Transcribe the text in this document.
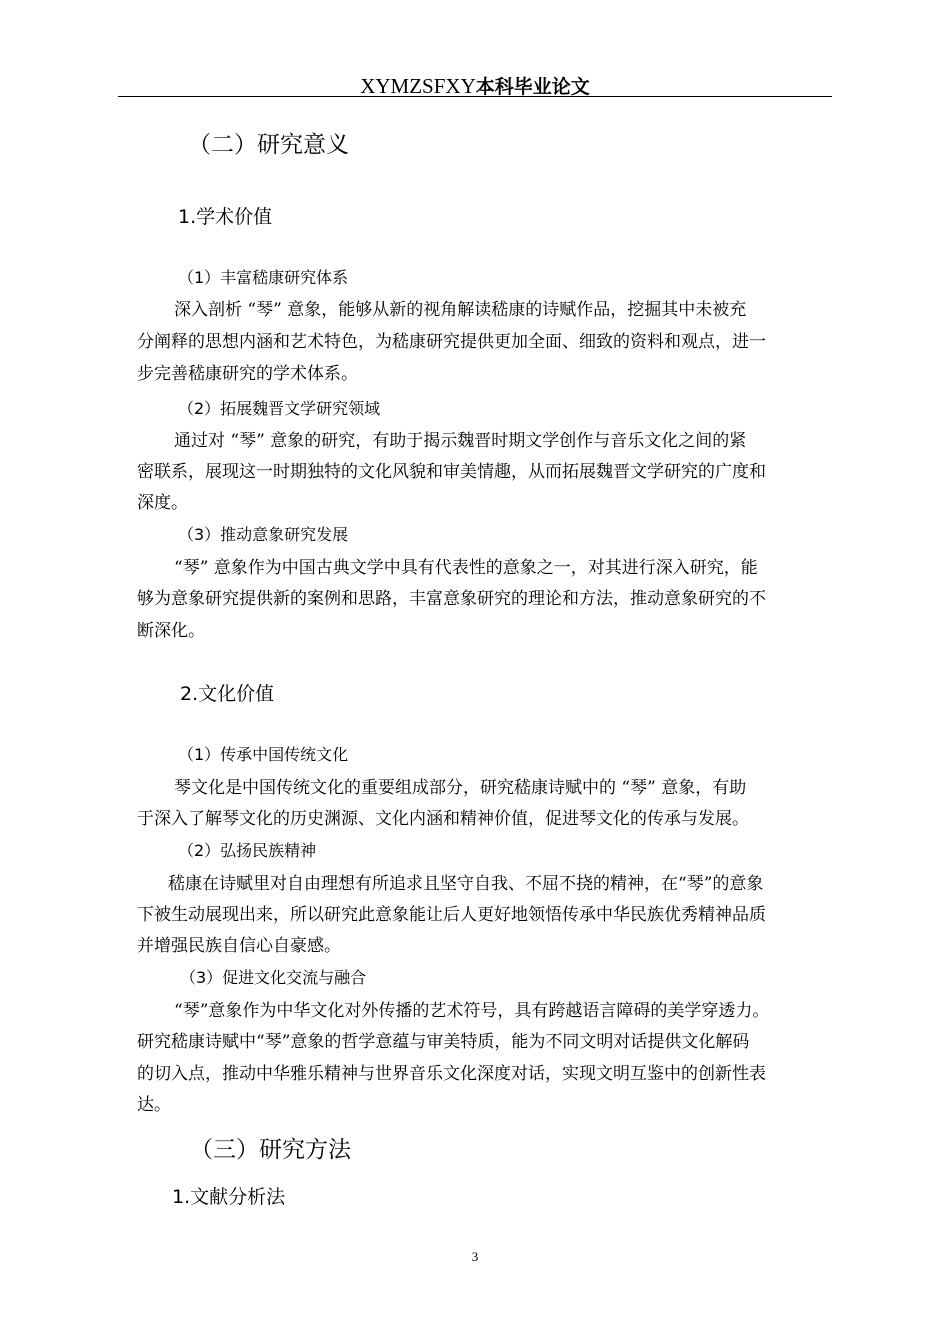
XYMZSFXY本科毕业论文
（二）研究意义
1.学术价值
（1）丰富嵇康研究体系
深入剖析 “琴” 意象，能够从新的视角解读嵇康的诗赋作品，挖掘其中未被充
分阐释的思想内涵和艺术特色，为嵇康研究提供更加全面、细致的资料和观点，进一
步完善嵇康研究的学术体系。
（2）拓展魏晋文学研究领域
通过对 “琴” 意象的研究，有助于揭示魏晋时期文学创作与音乐文化之间的紧
密联系，展现这一时期独特的文化风貌和审美情趣，从而拓展魏晋文学研究的广度和
深度。
（3）推动意象研究发展
“琴” 意象作为中国古典文学中具有代表性的意象之一，对其进行深入研究，能
够为意象研究提供新的案例和思路，丰富意象研究的理论和方法，推动意象研究的不
断深化。
2.文化价值
（1）传承中国传统文化
琴文化是中国传统文化的重要组成部分，研究嵇康诗赋中的 “琴” 意象，有助
于深入了解琴文化的历史渊源、文化内涵和精神价值，促进琴文化的传承与发展。
（2）弘扬民族精神
嵇康在诗赋里对自由理想有所追求且坚守自我、不屈不挠的精神，在“琴”的意象
下被生动展现出来，所以研究此意象能让后人更好地领悟传承中华民族优秀精神品质
并增强民族自信心自豪感。
（3）促进文化交流与融合
“琴”意象作为中华文化对外传播的艺术符号，具有跨越语言障碍的美学穿透力。
研究嵇康诗赋中“琴”意象的哲学意蕴与审美特质，能为不同文明对话提供文化解码
的切入点，推动中华雅乐精神与世界音乐文化深度对话，实现文明互鉴中的创新性表
达。
（三）研究方法
1.文献分析法
3
